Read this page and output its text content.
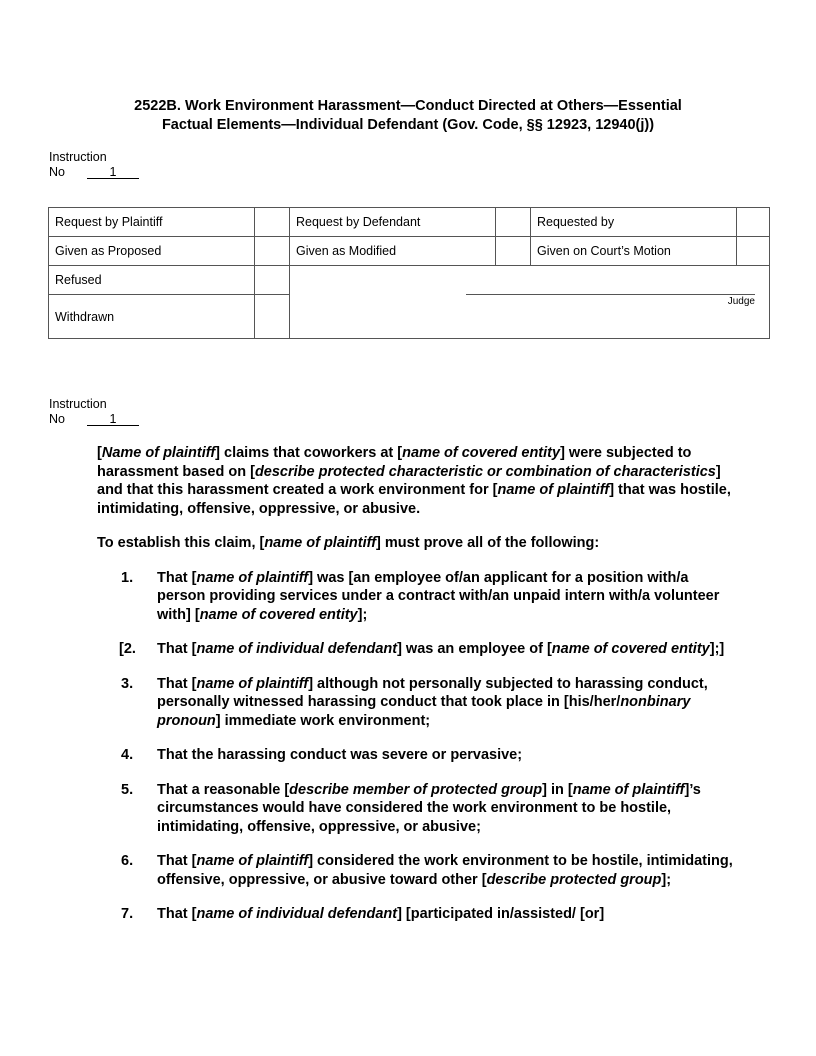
2522B. Work Environment Harassment—Conduct Directed at Others—Essential
Factual Elements—Individual Defendant (Gov. Code, §§ 12923, 12940(j))
Instruction
No	1
Request by Plaintiff		Request by Defendant		Requested by	
Given as Proposed		Given as Modified		Given on Court’s Motion	
Refused		Judge			

Withdrawn					
Instruction
No	1

[Name of plaintiff] claims that coworkers at [name of covered entity] were subjected to harassment based on [describe protected characteristic or combination of characteristics] and that this harassment created a work environment for [name of plaintiff] that was hostile, intimidating, offensive, oppressive, or abusive.

To establish this claim, [name of plaintiff] must prove all of the following:

1. That [name of plaintiff] was [an employee of/an applicant for a position with/a person providing services under a contract with/an unpaid intern with/a volunteer with] [name of covered entity];
[2. That [name of individual defendant] was an employee of [name of covered entity];]
3. That [name of plaintiff] although not personally subjected to harassing conduct, personally witnessed harassing conduct that took place in [his/her/nonbinary pronoun] immediate work environment;
4. That the harassing conduct was severe or pervasive;
5. That a reasonable [describe member of protected group] in [name of plaintiff]’s circumstances would have considered the work environment to be hostile, intimidating, offensive, oppressive, or abusive;
6. That [name of plaintiff] considered the work environment to be hostile, intimidating, offensive, oppressive, or abusive toward other [describe protected group];
7. That [name of individual defendant] [participated in/assisted/ [or]
